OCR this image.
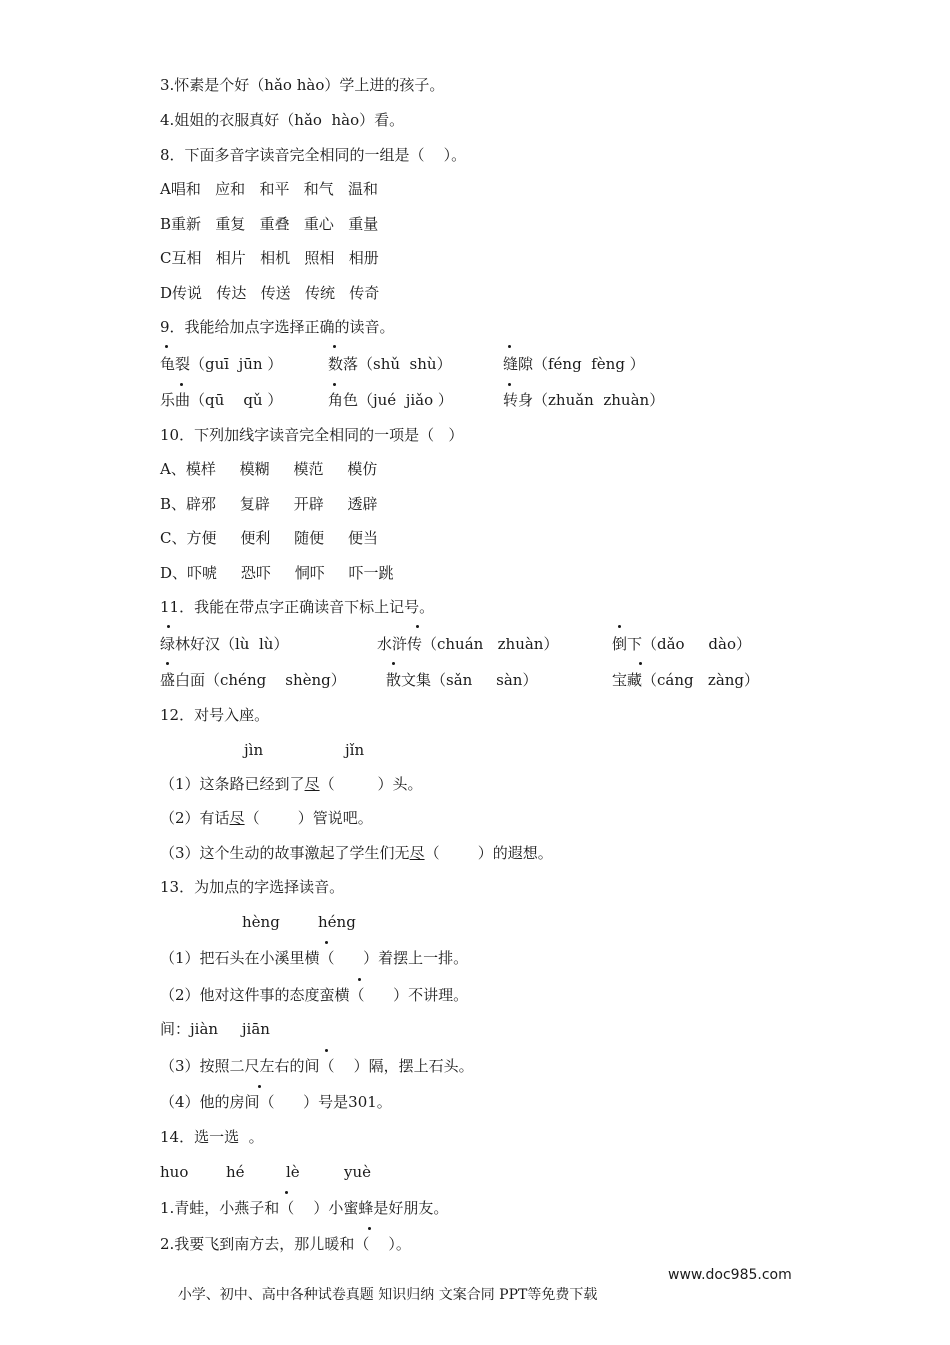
3.怀素是个好（hǎo hào）学上进的孩子。
4.姐姐的衣服真好（hǎo  hào）看。
8．下面多音字读音完全相同的一组是（    ）。
A唱和   应和   和平   和气   温和
B重新   重复   重叠   重心   重量
C互相   相片   相机   照相   相册
D传说   传达   传送   传统   传奇
9．我能给加点字选择正确的读音。
龟裂（guī  jūn ）	数落（shǔ  shù）	缝隙（féng  fèng ）
乐曲（qū    qǔ ）	角色（jué  jiǎo ）	转身（zhuǎn  zhuàn）
10．下列加线字读音完全相同的一项是（   ）
A、模样     模糊     模范     模仿
B、辟邪     复辟     开辟     透辟
C、方便     便利     随便     便当
D、吓唬     恐吓     恫吓     吓一跳
11．我能在带点字正确读音下标上记号。
绿林好汉（lù  lù）	水浒传（chuán   zhuàn）	倒下（dǎo     dào）
盛白面（chéng    shèng）	散文集（sǎn     sàn）	宝藏（cáng   zàng）
12．对号入座。
jìn	jǐn
（1）这条路已经到了尽（         ）头。
（2）有话尽（        ）管说吧。
（3）这个生动的故事激起了学生们无尽（        ）的遐想。
13．为加点的字选择读音。
hèng	héng
（1）把石头在小溪里横（      ）着摆上一排。
（2）他对这件事的态度蛮横（      ）不讲理。
间：jiàn     jiān
（3）按照二尺左右的间（    ）隔，摆上石头。
（4）他的房间（      ）号是301。
14．选一选  。
huo	hé	lè	yuè
1.青蛙，小燕子和（    ）小蜜蜂是好朋友。
2.我要飞到南方去，那儿暖和（    ）。

小学、初中、高中各种试卷真题 知识归纳 文案合同 PPT等免费下载

www.doc985.com
